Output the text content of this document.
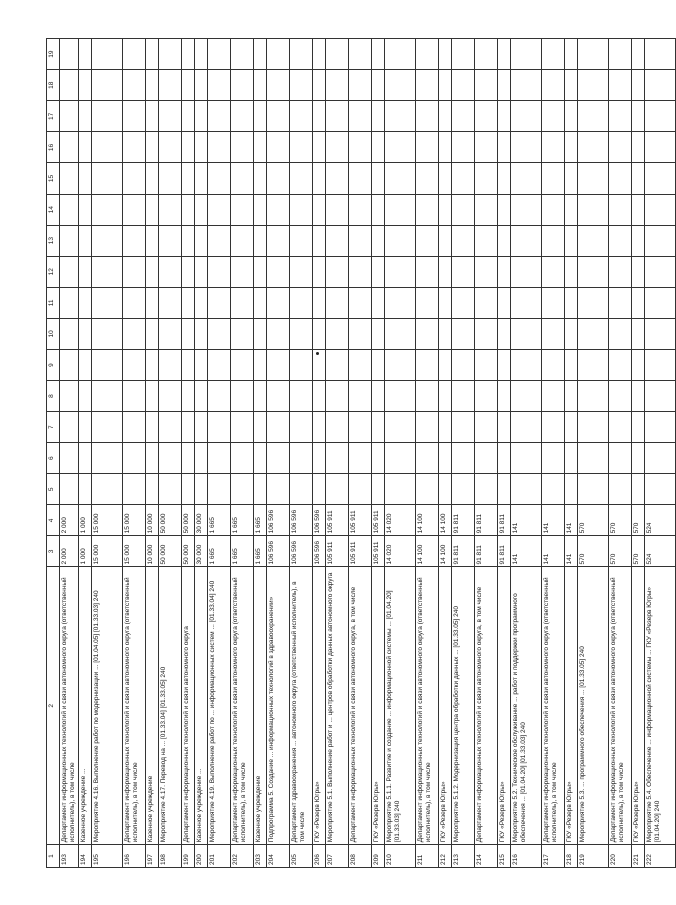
1	2	3	4	5	6	7	8	9	10	11	12	13	14	15	16	17	18	19
193	Департамент информационных технологий и связи автономного округа (ответственный исполнитель), в том числе	2 000	2 000															
194	Казенное учреждение ...	1 000	1 000															
195	Мероприятие 4.16. Выполнение работ по модернизации ... [01.04.05] [01.33.03] 240	15 000	15 000															
196	Департамент информационных технологий и связи автономного округа (ответственный исполнитель), в том числе	15 000	15 000															
197	Казенное учреждение	10 000	10 000															
198	Мероприятие 4.17. Перевод на ... [01.33.04] [01.33.05] 240	50 000	50 000															
199	Департамент информационных технологий и связи автономного округа	50 000	50 000															
200	Казенное учреждение ...	30 000	30 000															
201	Мероприятие 4.19. Выполнение работ по ... информационных систем ... [01.33.04] 240	1 665	1 665															
202	Департамент информационных технологий и связи автономного округа (ответственный исполнитель), в том числе	1 665	1 665															
203	Казенное учреждение	1 665	1 665															
204	Подпрограмма 5. Создание ... информационных технологий в здравоохранении»	106 596	106 596															
205	Департамент здравоохранения ... автономного округа (ответственный исполнитель), в том числе	106 596	106 596															
206	ГКУ «Резерв Югры»	106 596	106 596															
207	Мероприятие 5.1. Выполнение работ и ... центров обработки данных автономного округа	105 911	105 911															
208	Департамент информационных технологий и связи автономного округа, в том числе	105 911	105 911															
209	ГКУ «Резерв Югры»	105 911	105 911															
210	Мероприятие 5.1.1. Развитие и создание ... информационной системы ... [01.04.20] [01.33.03] 240	14 020	14 020															
211	Департамент информационных технологий и связи автономного округа (ответственный исполнитель), в том числе	14 100	14 100															
212	ГКУ «Резерв Югры»	14 100	14 100															
213	Мероприятие 5.1.2. Модернизация центра обработки данных ... [01.33.05] 240	91 811	91 811															
214	Департамент информационных технологий и связи автономного округа, в том числе	91 811	91 811															
215	ГКУ «Резерв Югры»	91 811	91 811															
216	Мероприятие 5.2. Техническое обслуживание ... работ и поддержки программного обеспечения ... [01.04.20] [01.33.03] 240	141	141															
217	Департамент информационных технологий и связи автономного округа (ответственный исполнитель), в том числе	141	141															
218	ГКУ «Резерв Югры»	141	141															
219	Мероприятие 5.3. ... программного обеспечения ... [01.33.05] 240	570	570															
220	Департамент информационных технологий и связи автономного округа (ответственный исполнитель), в том числе	570	570															
221	ГКУ «Резерв Югры»	570	570															
222	Мероприятие 5.4. Обеспечение ... информационной системы ... ГКУ «Резерв Югры» [01.04.20] 240	524	524															
